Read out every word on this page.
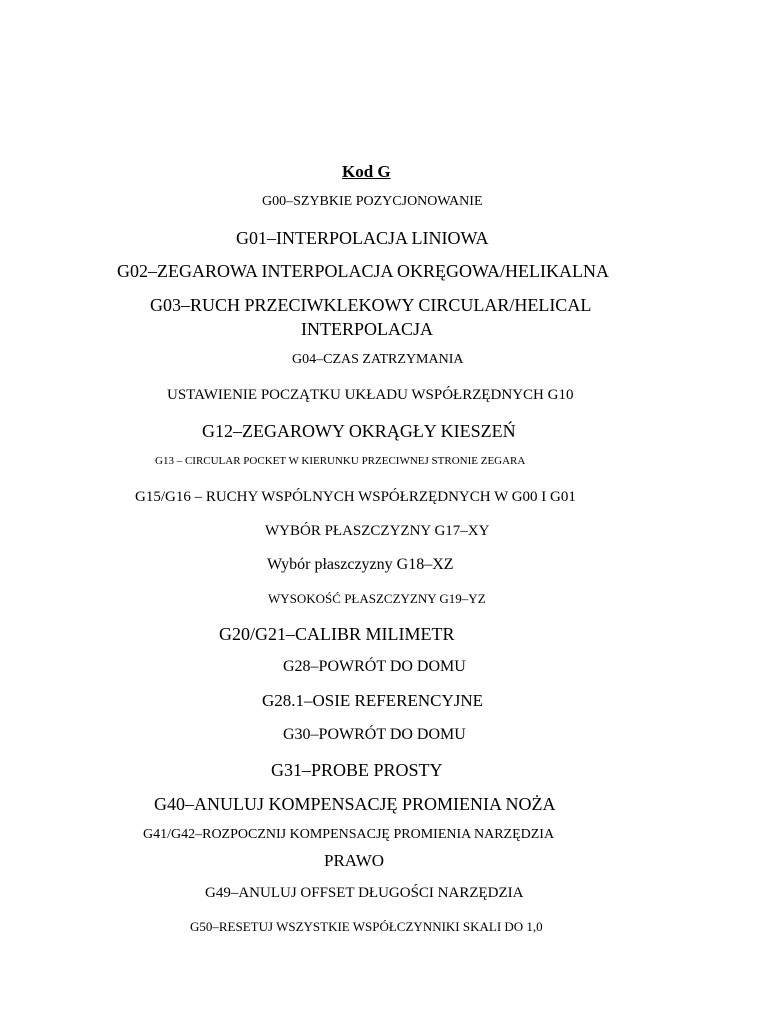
Kod G
G00–SZYBKIE POZYCJONOWANIE
G01–INTERPOLACJA LINIOWA
G02–ZEGAROWA INTERPOLACJA OKRĘGOWA/HELIKALNA
G03–RUCH PRZECIWKLEKOWY CIRCULAR/HELICAL
INTERPOLACJA
G04–CZAS ZATRZYMANIA
USTAWIENIE POCZĄTKU UKŁADU WSPÓŁRZĘDNYCH G10
G12–ZEGAROWY OKRĄGŁY KIESZEŃ
G13 – CIRCULAR POCKET W KIERUNKU PRZECIWNEJ STRONIE ZEGARA
G15/G16 – RUCHY WSPÓLNYCH WSPÓŁRZĘDNYCH W G00 I G01
WYBÓR PŁASZCZYZNY G17–XY
Wybór płaszczyzny G18–XZ
WYSOKOŚĆ PŁASZCZYZNY G19–YZ
G20/G21–CALIBR MILIMETR
G28–POWRÓT DO DOMU
G28.1–OSIE REFERENCYJNE
G30–POWRÓT DO DOMU
G31–PROBE PROSTY
G40–ANULUJ KOMPENSACJĘ PROMIENIA NOŻA
G41/G42–ROZPOCZNIJ KOMPENSACJĘ PROMIENIA NARZĘDZIA
PRAWO
G49–ANULUJ OFFSET DŁUGOŚCI NARZĘDZIA
G50–RESETUJ WSZYSTKIE WSPÓŁCZYNNIKI SKALI DO 1,0
